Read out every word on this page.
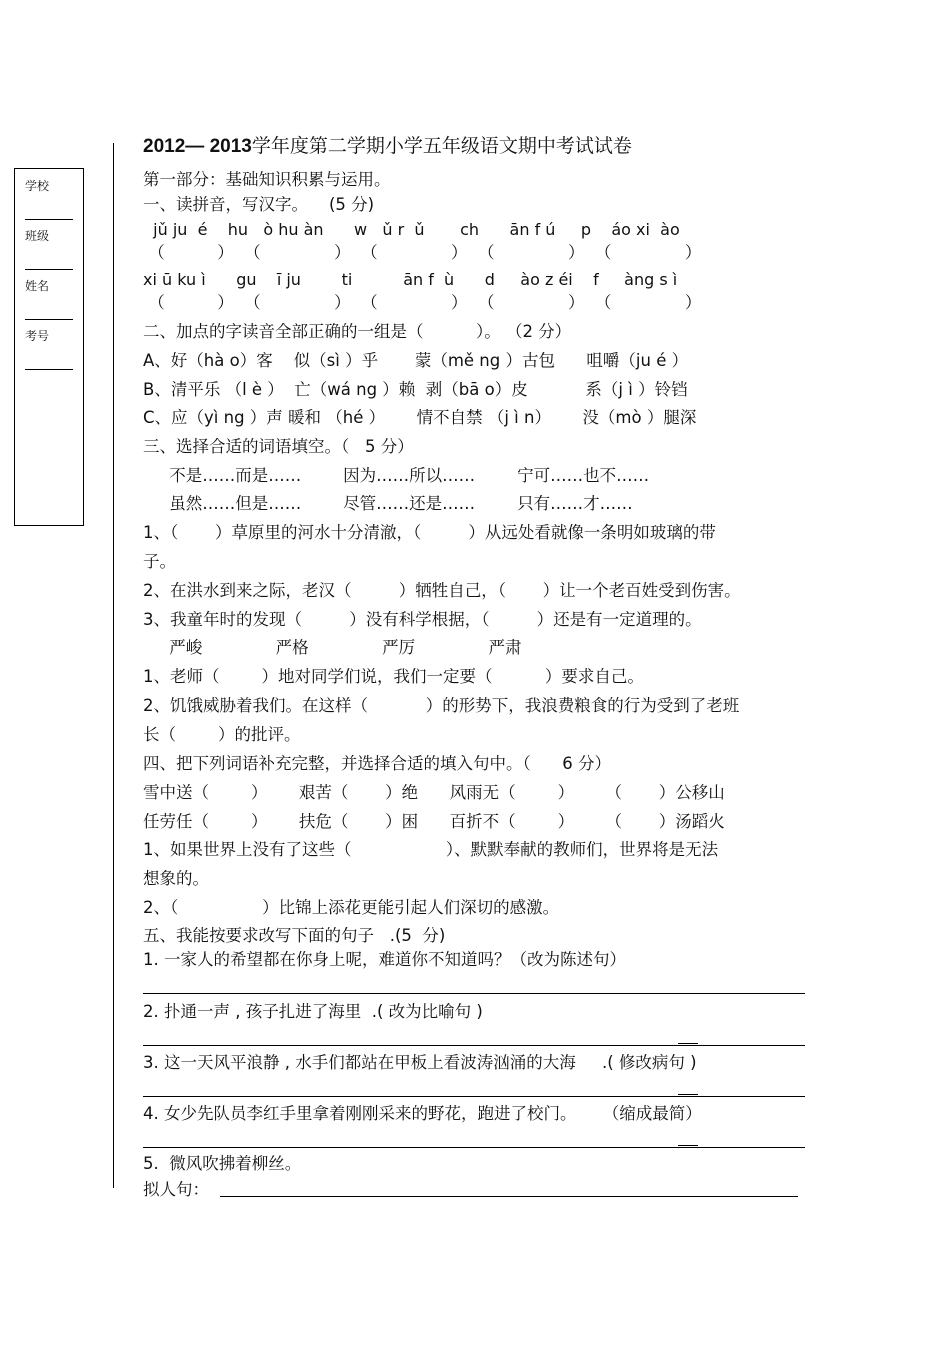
学校
班级
姓名
考号
2012— 2013学年度第二学期小学五年级语文期中考试试卷
第一部分：基础知识积累与运用。
一、读拼音，写汉字。    (5 分)
jǔ ju  é    hu   ò hu àn      w   ǔ r  ǔ       ch      ān f ú     p    áo xi  ào
（          ）  （              ）  （              ）  （              ）  （              ）
xi ū ku ì      gu    ī ju        ti          ān f  ù      d     ào z éi    f     àng s ì
（          ）  （              ）  （              ）  （              ）  （              ）
二、加点的字读音全部正确的一组是（          ）。 （2 分）
A、好（hà o）客    似（sì ）乎       蒙（mě ng ）古包      咀嚼（ju é ）
B、清平乐 （l è ）  亡（wá ng ）赖  剥（bā o）皮           系（j ì ）铃铛
C、应（yì ng ）声 暖和 （hé ）      情不自禁 （j ì n）      没（mò ）腿深
三、选择合适的词语填空。（   5 分）
不是……而是……        因为……所以……        宁可……也不……
虽然……但是……        尽管……还是……        只有……才……
1、（       ）草原里的河水十分清澈，（         ）从远处看就像一条明如玻璃的带
子。
2、在洪水到来之际，老汉（         ）牺牲自己，（       ）让一个老百姓受到伤害。
3、我童年时的发现（         ）没有科学根据，（         ）还是有一定道理的。
严峻              严格              严厉              严肃
1、老师（        ）地对同学们说，我们一定要（          ）要求自己。
2、饥饿威胁着我们。在这样（           ）的形势下，我浪费粮食的行为受到了老班
长（        ）的批评。
四、把下列词语补充完整，并选择合适的填入句中。（      6 分）
雪中送（        ）      艰苦（       ）绝      风雨无（        ）      （       ）公移山
任劳任（        ）      扶危（       ）困      百折不（        ）      （       ）汤蹈火
1、如果世界上没有了这些（                  ）、默默奉献的教师们，世界将是无法
想象的。
2、（                ）比锦上添花更能引起人们深切的感激。
五、我能按要求改写下面的句子   .(5  分)
1. 一家人的希望都在你身上呢，难道你不知道吗？（改为陈述句）
2. 扑通一声 , 孩子扎进了海里  .( 改为比喻句 )
3. 这一天风平浪静 , 水手们都站在甲板上看波涛汹涌的大海     .( 修改病句 )
4. 女少先队员李红手里拿着刚刚采来的野花，跑进了校门。     （缩成最简）
5.  微风吹拂着柳丝。
拟人句：
